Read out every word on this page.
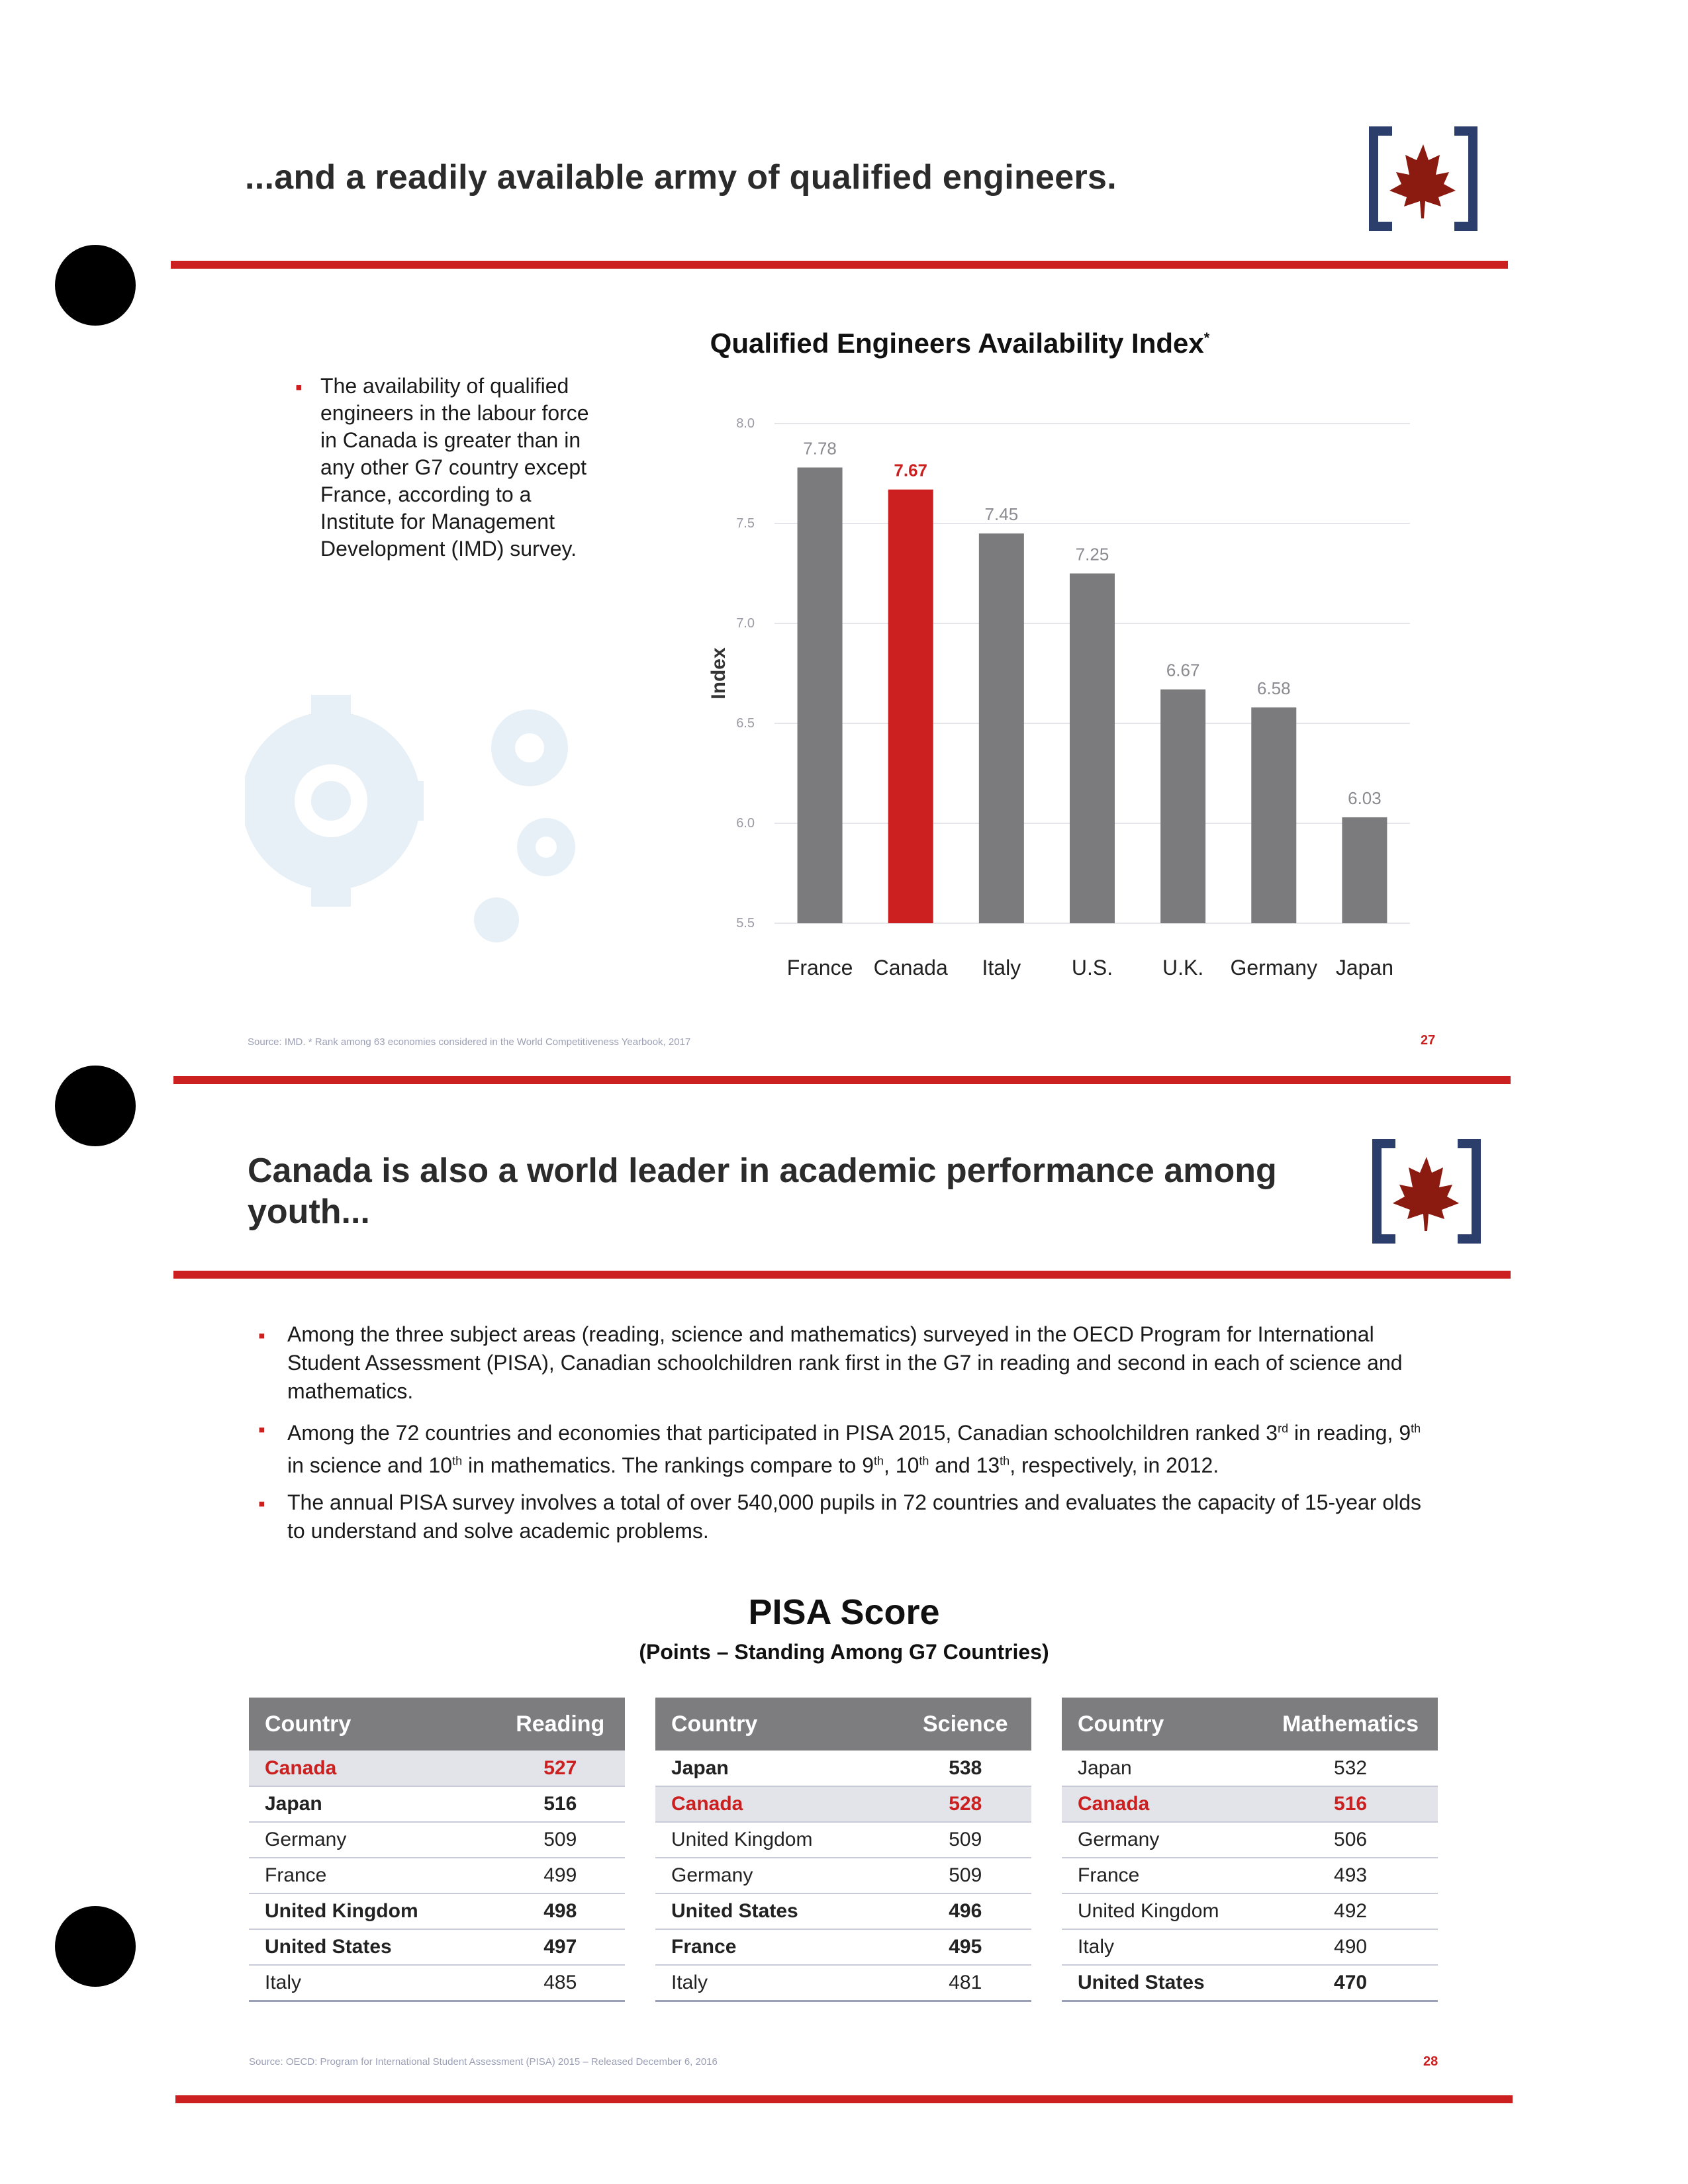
...and a readily available army of qualified engineers.
▪ The availability of qualified engineers in the labour force in Canada is greater than in any other G7 country except France, according to a Institute for Management Development (IMD) survey.
Qualified Engineers Availability Index*
8.0
7.5
7.0
6.5
6.0
5.5
Index
7.78
France
7.67
Canada
7.45
Italy
7.25
U.S.
6.67
U.K.
6.58
Germany
6.03
Japan
Source: IMD. * Rank among 63 economies considered in the World Competitiveness Yearbook, 2017	27
Canada is also a world leader in academic performance among
youth...
▪ Among the three subject areas (reading, science and mathematics) surveyed in the OECD Program for International Student Assessment (PISA), Canadian schoolchildren rank first in the G7 in reading and second in each of science and mathematics.
▪ Among the 72 countries and economies that participated in PISA 2015, Canadian schoolchildren ranked 3rd in reading, 9th in science and 10th in mathematics. The rankings compare to 9th, 10th and 13th, respectively, in 2012.
▪ The annual PISA survey involves a total of over 540,000 pupils in 72 countries and evaluates the capacity of 15-year olds to understand and solve academic problems.
PISA Score
(Points – Standing Among G7 Countries)
Country	Reading
Canada	527
Japan	516
Germany	509
France	499
United Kingdom	498
United States	497
Italy	485
Country	Science
Japan	538
Canada	528
United Kingdom	509
Germany	509
United States	496
France	495
Italy	481
Country	Mathematics
Japan	532
Canada	516
Germany	506
France	493
United Kingdom	492
Italy	490
United States	470
Source: OECD: Program for International Student Assessment (PISA) 2015 – Released December 6, 2016	28
